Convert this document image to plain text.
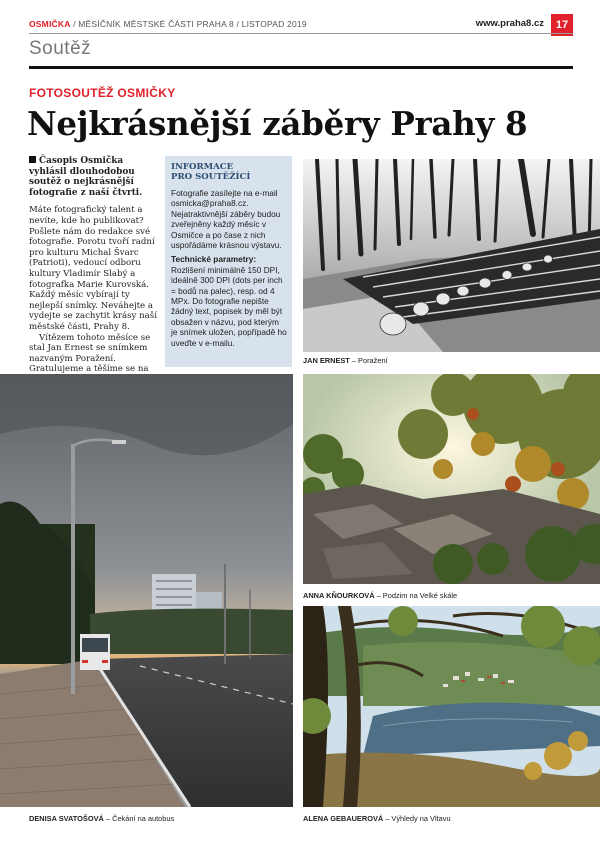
OSMIČKA / MĚSÍČNÍK MĚSTSKÉ ČÁSTI PRAHA 8 / LISTOPAD 2019	www.praha8.cz	17
Soutěž
FOTOSOUTĚŽ OSMIČKY
Nejkrásnější záběry Prahy 8
Časopis Osmička vyhlásil dlouhodobou soutěž o nejkrásnější fotografie z naší čtvrti.

Máte fotografický talent a nevíte, kde ho publikovat? Pošlete nám do redakce své fotografie. Porotu tvoří radní pro kulturu Michal Švarc (Patrioti), vedoucí odboru kultury Vladimír Slabý a fotografka Marie Kurovská. Každý měsíc vybírají ty nejlepší snímky. Neváhejte a vydejte se zachytit krásy naší městské části, Prahy 8.

Vítězem tohoto měsíce se stal Jan Ernest se snímkem nazvaným Poražení. Gratulujeme a těšíme se na

INFORMACE
PRO SOUTĚŽÍCÍ
Fotografie zasílejte na e-mail osmicka@praha8.cz. Nejatraktivnější záběry budou zveřejněny každý měsíc v Osmičce a po čase z nich uspořádáme krásnou výstavu.
Technické parametry:
Rozlišení minimálně 150 DPI, ideálně 300 DPI (dots per inch = bodů na palec), resp. od 4 MPx. Do fotografie nepište žádný text, popisek by měl být obsažen v názvu, pod kterým je snímek uložen, popřípadě ho uveďte v e-mailu.
JAN ERNEST – Poražení
DENISA SVATOŠOVÁ – Čekání na autobus
ANNA KŇOURKOVÁ – Podzim na Velké skále
ALENA GEBAUEROVÁ – Výhledy na Vltavu
